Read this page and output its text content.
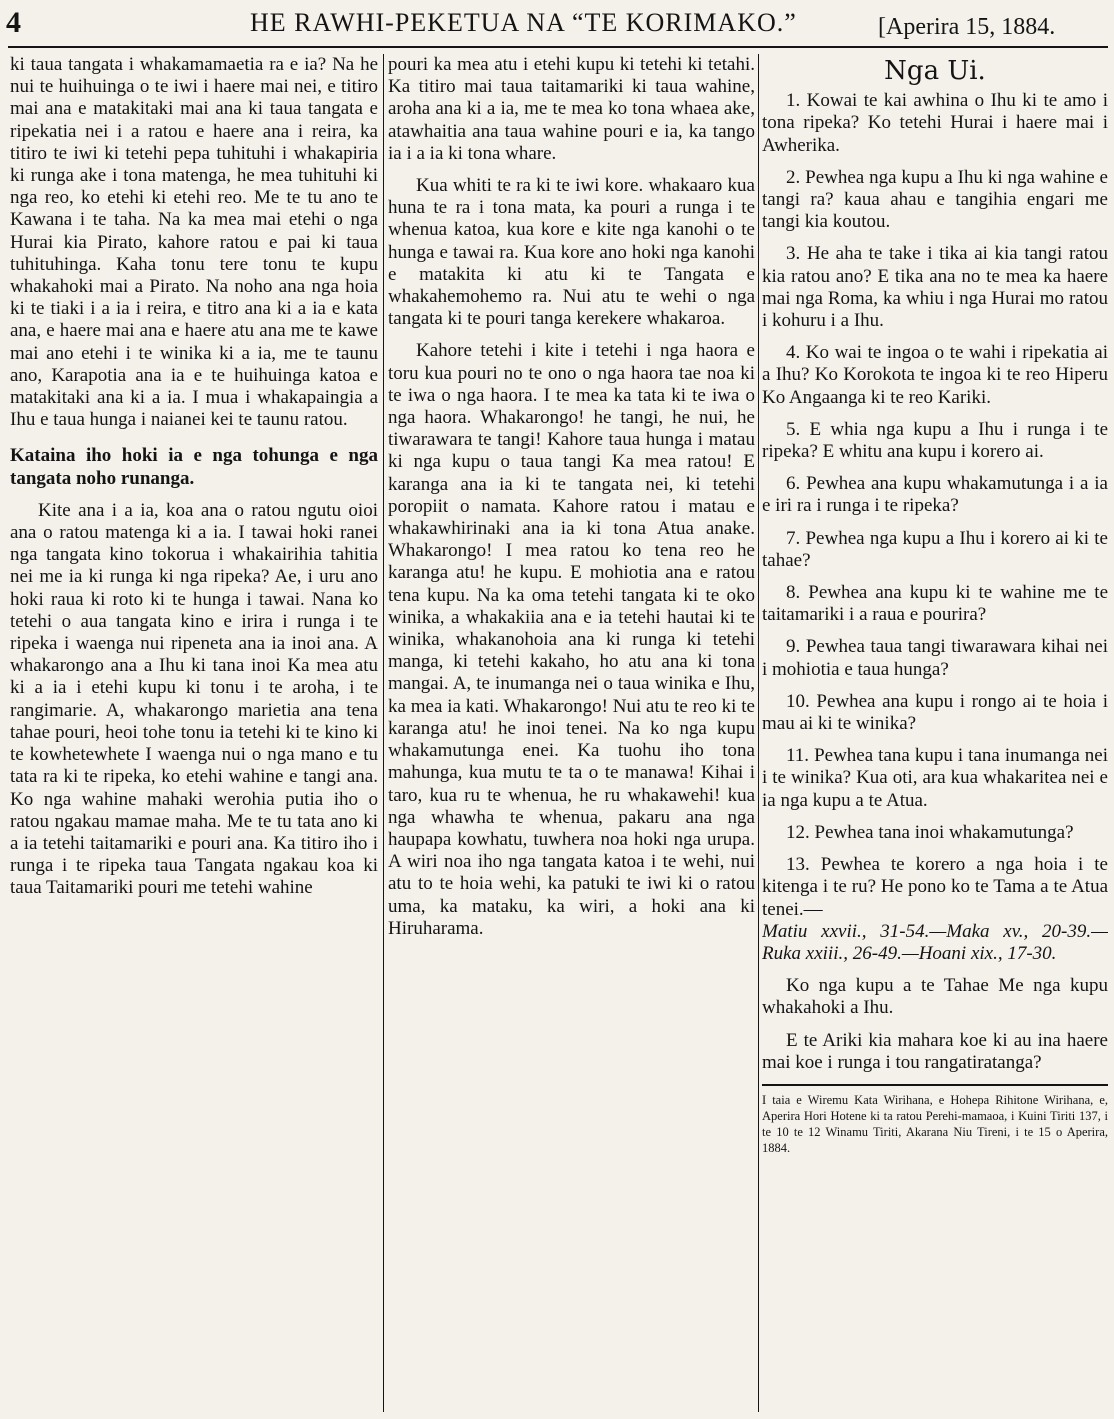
4	HE RAWHI-PEKETUA NA “TE KORIMAKO.”	[Aperira 15, 1884.

ki taua tangata i whakamamaetia ra e ia? Na he nui te huihuinga o te iwi i haere mai nei, e titiro mai ana e matakitaki mai ana ki taua tangata e ripekatia nei i a ratou e haere ana i reira, ka titiro te iwi ki tetehi pepa tuhituhi i whakapiria ki runga ake i tona matenga, he mea tuhituhi ki nga reo, ko etehi ki etehi reo. Me te tu ano te Kawana i te taha. Na ka mea mai etehi o nga Hurai kia Pirato, kahore ratou e pai ki taua tuhituhinga. Kaha tonu tere tonu te kupu whakahoki mai a Pirato. Na noho ana nga hoia ki te tiaki i a ia i reira, e titro ana ki a ia e kata ana, e haere mai ana e haere atu ana me te kawe mai ano etehi i te winika ki a ia, me te taunu ano, Karapotia ana ia e te huihuinga katoa e matakitaki ana ki a ia. I mua i whakapaingia a Ihu e taua hunga i naianei kei te taunu ratou.

Kataina iho hoki ia e nga tohunga e nga tangata noho runanga.

Kite ana i a ia, koa ana o ratou ngutu oioi ana o ratou matenga ki a ia. I tawai hoki ranei nga tangata kino tokorua i whakairihia tahitia nei me ia ki runga ki nga ripeka? Ae, i uru ano hoki raua ki roto ki te hunga i tawai. Nana ko tetehi o aua tangata kino e irira i runga i te ripeka i waenga nui ripeneta ana ia inoi ana. A whakarongo ana a Ihu ki tana inoi Ka mea atu ki a ia i etehi kupu ki tonu i te aroha, i te rangimarie. A, whakarongo marietia ana tena tahae pouri, heoi tohe tonu ia tetehi ki te kino ki te kowhetewhete I waenga nui o nga mano e tu tata ra ki te ripeka, ko etehi wahine e tangi ana. Ko nga wahine mahaki werohia putia iho o ratou ngakau mamae maha. Me te tu tata ano ki a ia tetehi taitamariki e pouri ana. Ka titiro iho i runga i te ripeka taua Tangata ngakau koa ki taua Taitamariki pouri me tetehi wahine

pouri ka mea atu i etehi kupu ki tetehi ki tetahi. Ka titiro mai taua taitamariki ki taua wahine, aroha ana ki a ia, me te mea ko tona whaea ake, atawhaitia ana taua wahine pouri e ia, ka tango ia i a ia ki tona whare.

Kua whiti te ra ki te iwi kore. whakaaro kua huna te ra i tona mata, ka pouri a runga i te whenua katoa, kua kore e kite nga kanohi o te hunga e tawai ra. Kua kore ano hoki nga kanohi e matakita ki atu ki te Tangata e whakahemohemo ra. Nui atu te wehi o nga tangata ki te pouri tanga kerekere whakaroa.

Kahore tetehi i kite i tetehi i nga haora e toru kua pouri no te ono o nga haora tae noa ki te iwa o nga haora. I te mea ka tata ki te iwa o nga haora. Whakarongo! he tangi, he nui, he tiwarawara te tangi! Kahore taua hunga i matau ki nga kupu o taua tangi Ka mea ratou! E karanga ana ia ki te tangata nei, ki tetehi poropiit o namata. Kahore ratou i matau e whakawhirinaki ana ia ki tona Atua anake. Whakarongo! I mea ratou ko tena reo he karanga atu! he kupu. E mohiotia ana e ratou tena kupu. Na ka oma tetehi tangata ki te oko winika, a whakakiia ana e ia tetehi hautai ki te winika, whakanohoia ana ki runga ki tetehi manga, ki tetehi kakaho, ho atu ana ki tona mangai. A, te inumanga nei o taua winika e Ihu, ka mea ia kati. Whakarongo! Nui atu te reo ki te karanga atu! he inoi tenei. Na ko nga kupu whakamutunga enei. Ka tuohu iho tona mahunga, kua mutu te ta o te manawa! Kihai i taro, kua ru te whenua, he ru whakawehi! kua nga whawha te whenua, pakaru ana nga haupapa kowhatu, tuwhera noa hoki nga urupa. A wiri noa iho nga tangata katoa i te wehi, nui atu to te hoia wehi, ka patuki te iwi ki o ratou uma, ka mataku, ka wiri, a hoki ana ki Hiruharama.

Nga Ui.

1. Kowai te kai awhina o Ihu ki te amo i tona ripeka? Ko tetehi Hurai i haere mai i Awherika.

2. Pewhea nga kupu a Ihu ki nga wahine e tangi ra? kaua ahau e tangihia engari me tangi kia koutou.

3. He aha te take i tika ai kia tangi ratou kia ratou ano? E tika ana no te mea ka haere mai nga Roma, ka whiu i nga Hurai mo ratou i kohuru i a Ihu.

4. Ko wai te ingoa o te wahi i ripekatia ai a Ihu? Ko Korokota te ingoa ki te reo Hiperu Ko Angaanga ki te reo Kariki.

5. E whia nga kupu a Ihu i runga i te ripeka? E whitu ana kupu i korero ai.

6. Pewhea ana kupu whakamutunga i a ia e iri ra i runga i te ripeka?

7. Pewhea nga kupu a Ihu i korero ai ki te tahae?

8. Pewhea ana kupu ki te wahine me te taitamariki i a raua e pourira?

9. Pewhea taua tangi tiwarawara kihai nei i mohiotia e taua hunga?

10. Pewhea ana kupu i rongo ai te hoia i mau ai ki te winika?

11. Pewhea tana kupu i tana inumanga nei i te winika? Kua oti, ara kua whakaritea nei e ia nga kupu a te Atua.

12. Pewhea tana inoi whakamutunga?

13. Pewhea te korero a nga hoia i te kitenga i te ru? He pono ko te Tama a te Atua tenei.—

Matiu xxvii., 31-54.—Maka xv., 20-39.—Ruka xxiii., 26-49.—Hoani xix., 17-30.

Ko nga kupu a te Tahae Me nga kupu whakahoki a Ihu.

E te Ariki kia mahara koe ki au ina haere mai koe i runga i tou rangatiratanga?

I taia e Wiremu Kata Wirihana, e Hohepa Rihitone Wirihana, e, Aperira Hori Hotene ki ta ratou Perehi-mamaoa, i Kuini Tiriti 137, i te 10 te 12 Winamu Tiriti, Akarana Niu Tireni, i te 15 o Aperira, 1884.
